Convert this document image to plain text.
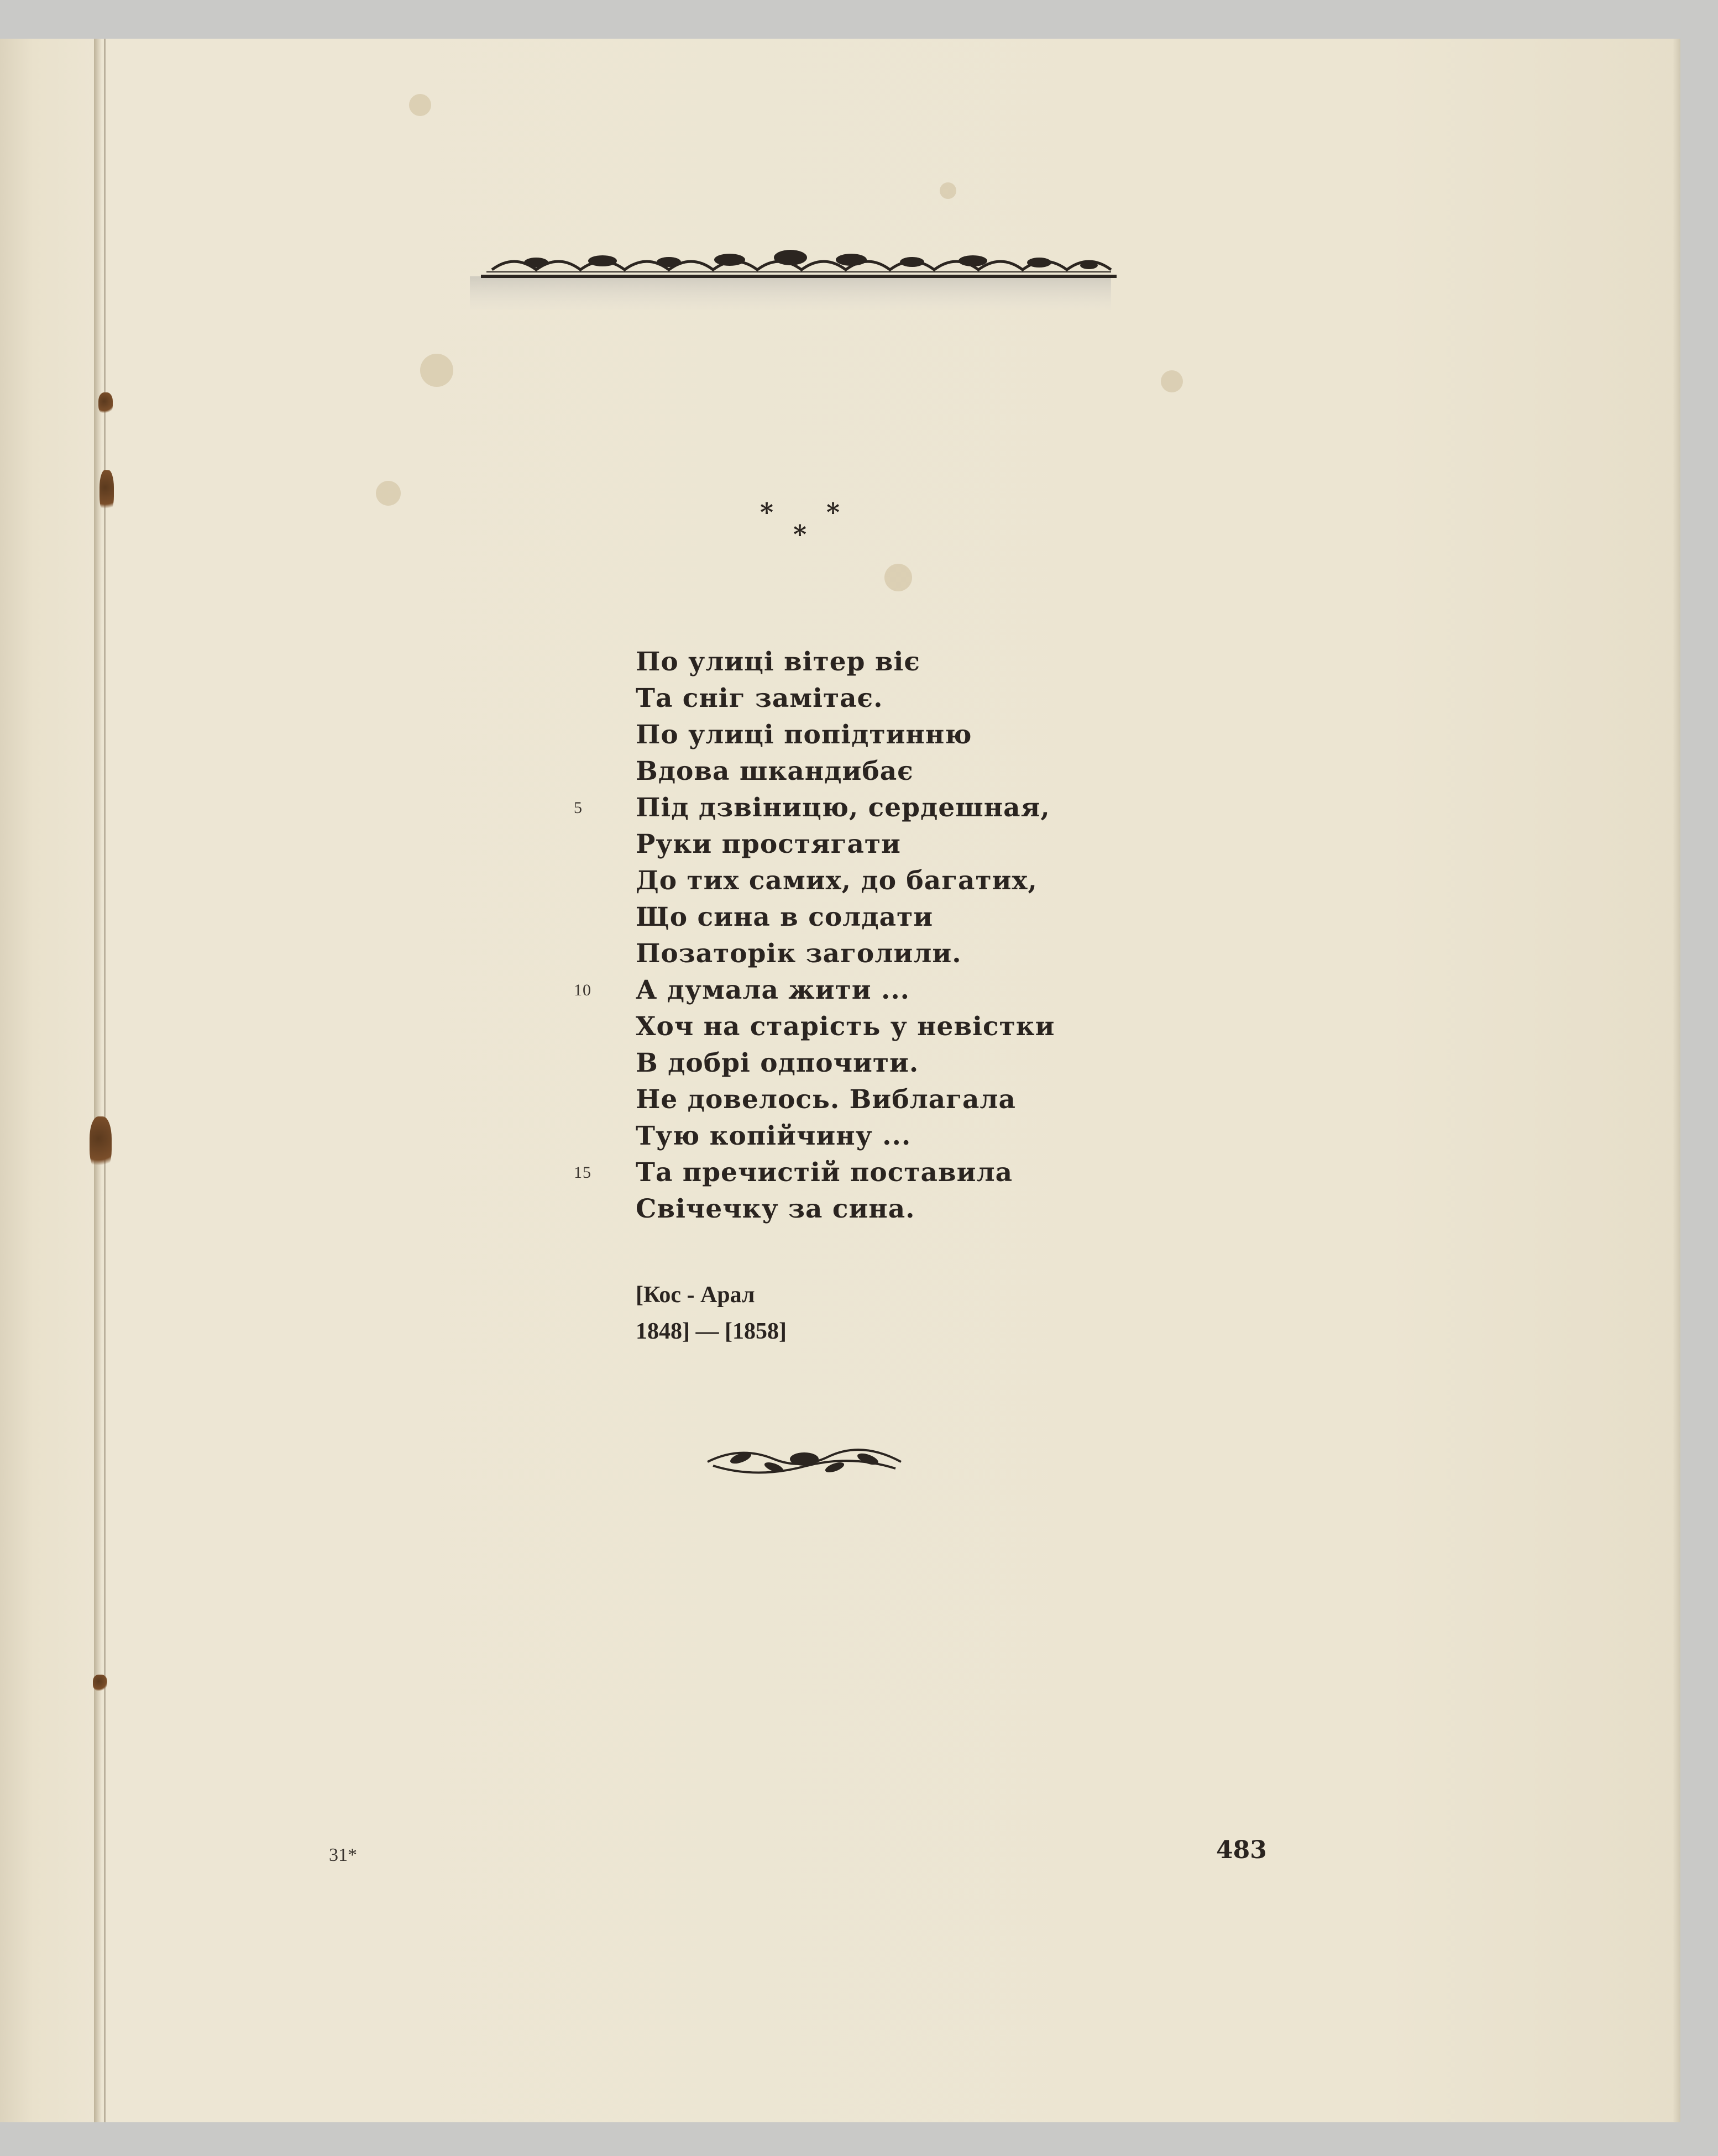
* *
*
По улиці вітер віє
Та сніг замітає.
По улиці попідтинню
Вдова шкандибає
5 Під дзвіницю, сердешная,
Руки простягати
До тих самих, до багатих,
Що сина в солдати
Позаторік заголили.
10 А думала жити ...
Хоч на старість у невістки
В добрі одпочити.
Не довелось. Виблагала
Тую копійчину ...
15 Та пречистій поставила
Свічечку за сина.
[Кос - Арал
1848] — [1858]
31*	483
